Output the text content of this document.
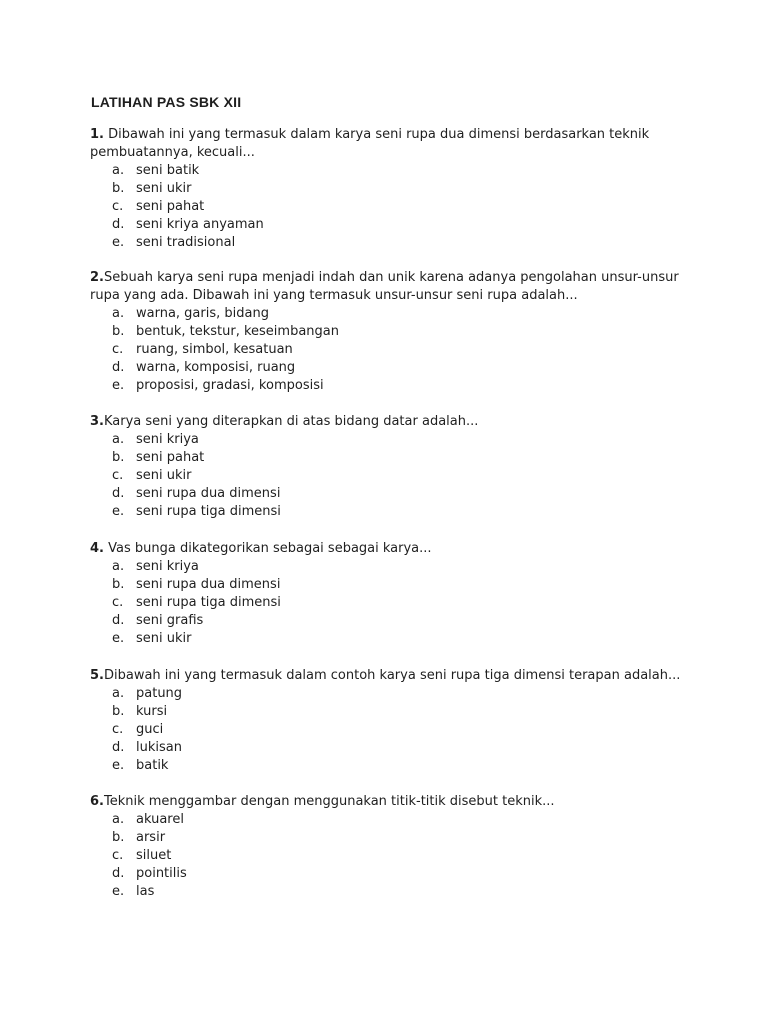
LATIHAN PAS SBK XII

1. Dibawah ini yang termasuk dalam karya seni rupa dua dimensi berdasarkan teknik pembuatannya, kecuali...

a. seni batik
b. seni ukir
c. seni pahat
d. seni kriya anyaman
e. seni tradisional

2.Sebuah karya seni rupa menjadi indah dan unik karena adanya pengolahan unsur-unsur rupa yang ada. Dibawah ini yang termasuk unsur-unsur seni rupa adalah...

a. warna, garis, bidang
b. bentuk, tekstur, keseimbangan
c. ruang, simbol, kesatuan
d. warna, komposisi, ruang
e. proposisi, gradasi, komposisi

3.Karya seni yang diterapkan di atas bidang datar adalah...

a. seni kriya
b. seni pahat
c. seni ukir
d. seni rupa dua dimensi
e. seni rupa tiga dimensi

4. Vas bunga dikategorikan sebagai sebagai karya...

a. seni kriya
b. seni rupa dua dimensi
c. seni rupa tiga dimensi
d. seni grafis
e. seni ukir

5.Dibawah ini yang termasuk dalam contoh karya seni rupa tiga dimensi terapan adalah...

a. patung
b. kursi
c. guci
d. lukisan
e. batik

6.Teknik menggambar dengan menggunakan titik-titik disebut teknik...

a. akuarel
b. arsir
c. siluet
d. pointilis
e. las
